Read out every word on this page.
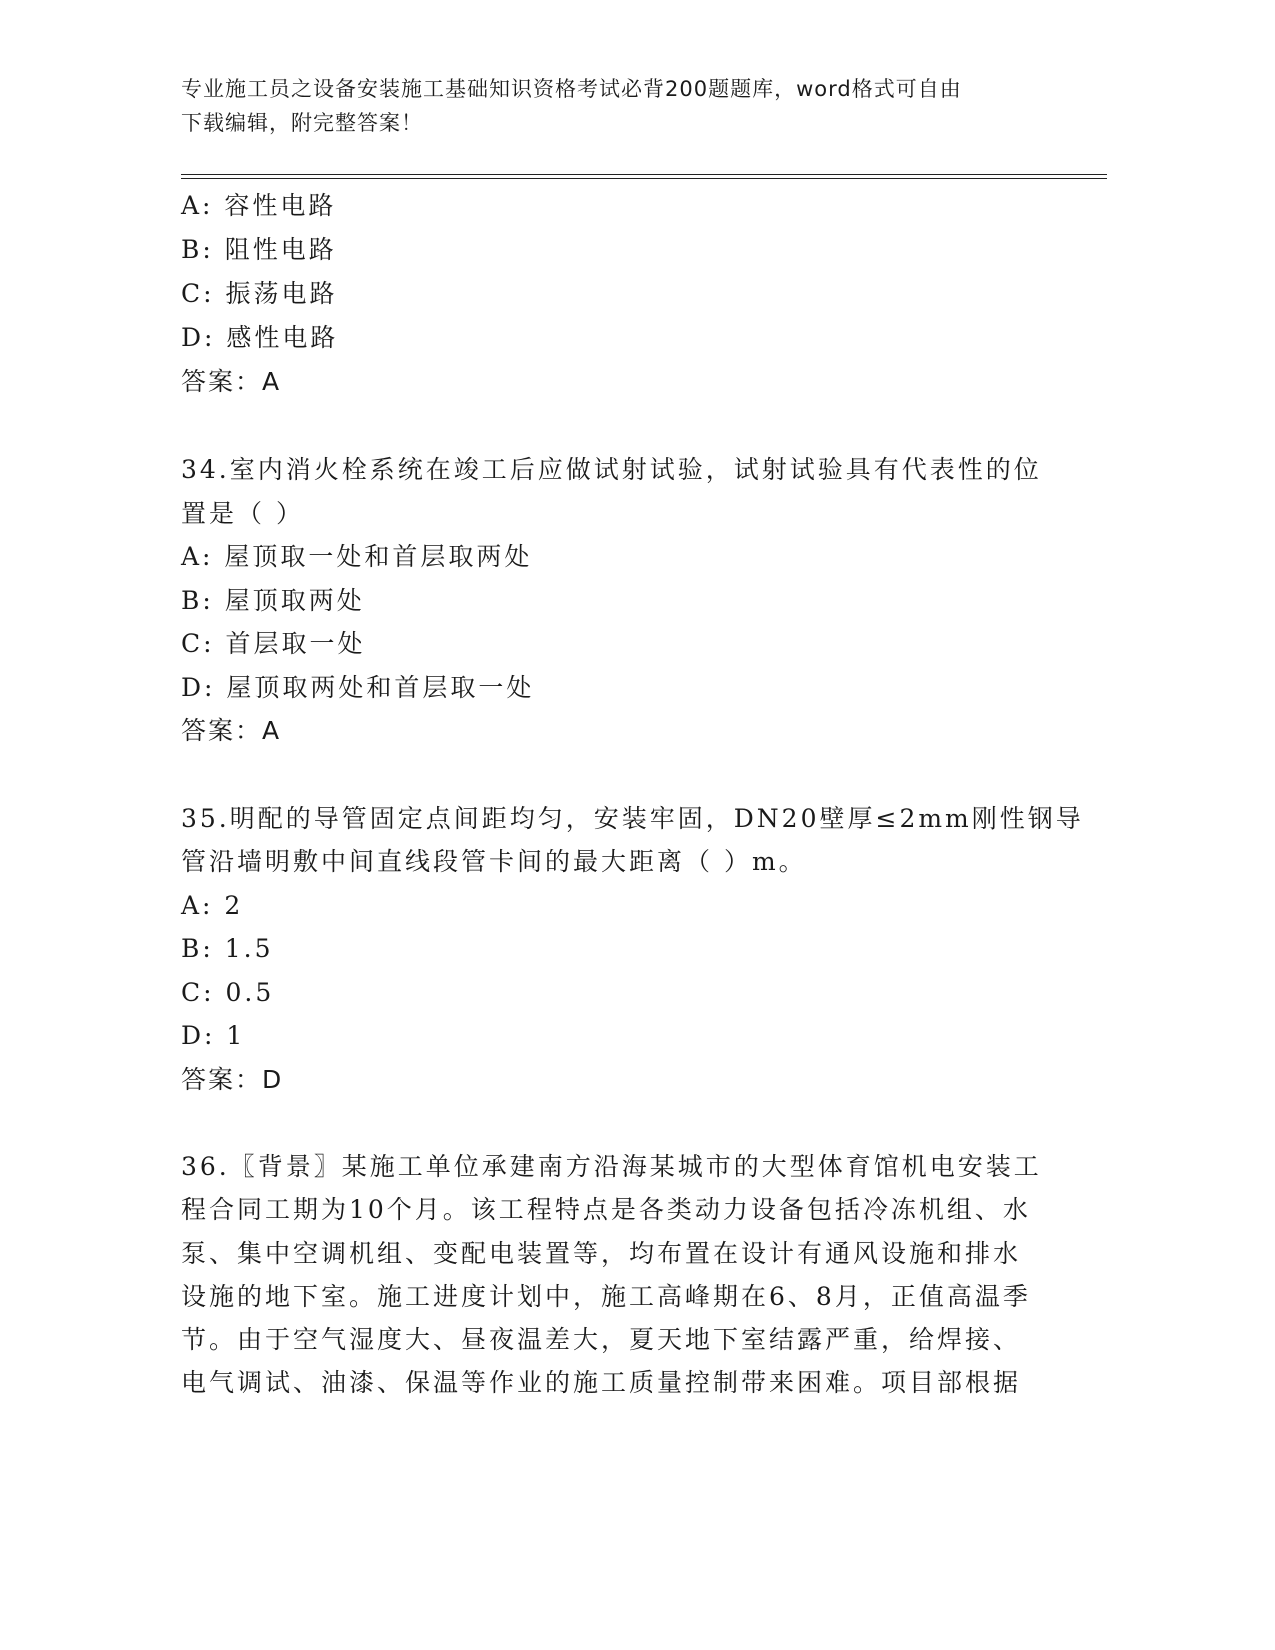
专业施工员之设备安装施工基础知识资格考试必背200题题库，word格式可自由
下载编辑，附完整答案！
A: 容性电路
B: 阻性电路
C: 振荡电路
D: 感性电路
答案：A
34.室内消火栓系统在竣工后应做试射试验，试射试验具有代表性的位
置是（ ）
A: 屋顶取一处和首层取两处
B: 屋顶取两处
C: 首层取一处
D: 屋顶取两处和首层取一处
答案：A
35.明配的导管固定点间距均匀，安装牢固，DN20壁厚≤2mm刚性钢导
管沿墙明敷中间直线段管卡间的最大距离（ ）m。
A: 2
B: 1.5
C: 0.5
D: 1
答案：D
36.〖背景〗某施工单位承建南方沿海某城市的大型体育馆机电安装工
程合同工期为10个月。该工程特点是各类动力设备包括冷冻机组、水
泵、集中空调机组、变配电装置等，均布置在设计有通风设施和排水
设施的地下室。施工进度计划中，施工高峰期在6、8月，正值高温季
节。由于空气湿度大、昼夜温差大，夏天地下室结露严重，给焊接、
电气调试、油漆、保温等作业的施工质量控制带来困难。项目部根据
